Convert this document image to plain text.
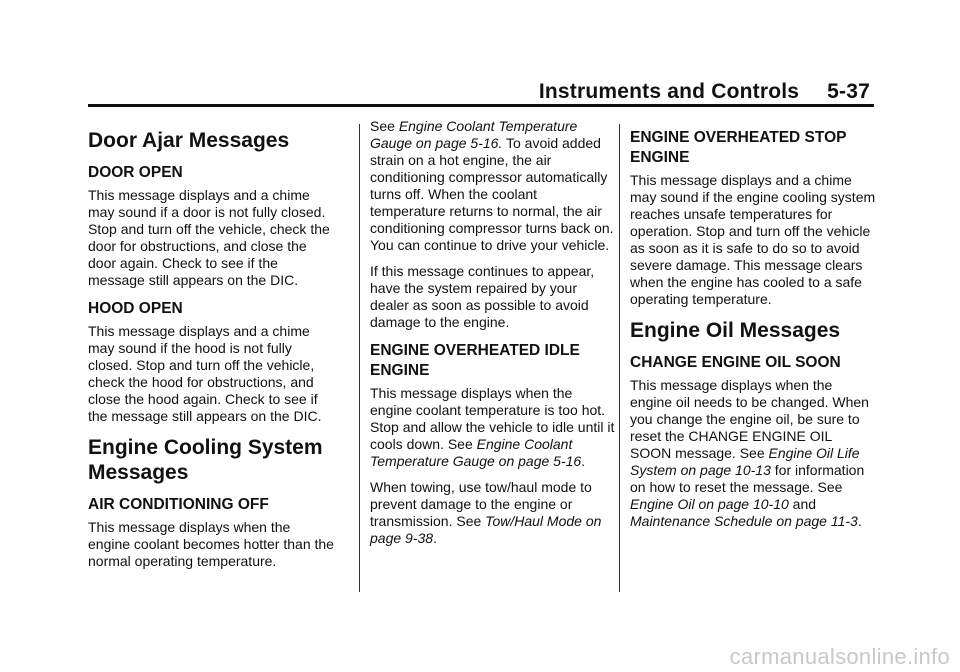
Instruments and Controls 5-37
Door Ajar Messages
DOOR OPEN

This message displays and a chime may sound if a door is not fully closed. Stop and turn off the vehicle, check the door for obstructions, and close the door again. Check to see if the message still appears on the DIC.

HOOD OPEN

This message displays and a chime may sound if the hood is not fully closed. Stop and turn off the vehicle, check the hood for obstructions, and close the hood again. Check to see if the message still appears on the DIC.

Engine Cooling System Messages
AIR CONDITIONING OFF

This message displays when the engine coolant becomes hotter than the normal operating temperature.

See Engine Coolant Temperature Gauge on page 5-16. To avoid added strain on a hot engine, the air conditioning compressor automatically turns off. When the coolant temperature returns to normal, the air conditioning compressor turns back on. You can continue to drive your vehicle.

If this message continues to appear, have the system repaired by your dealer as soon as possible to avoid damage to the engine.

ENGINE OVERHEATED IDLE ENGINE

This message displays when the engine coolant temperature is too hot. Stop and allow the vehicle to idle until it cools down. See Engine Coolant Temperature Gauge on page 5-16.

When towing, use tow/haul mode to prevent damage to the engine or transmission. See Tow/Haul Mode on page 9-38.

ENGINE OVERHEATED STOP ENGINE

This message displays and a chime may sound if the engine cooling system reaches unsafe temperatures for operation. Stop and turn off the vehicle as soon as it is safe to do so to avoid severe damage. This message clears when the engine has cooled to a safe operating temperature.

Engine Oil Messages
CHANGE ENGINE OIL SOON

This message displays when the engine oil needs to be changed. When you change the engine oil, be sure to reset the CHANGE ENGINE OIL SOON message. See Engine Oil Life System on page 10-13 for information on how to reset the message. See Engine Oil on page 10-10 and Maintenance Schedule on page 11-3.

carmanualsonline.info
